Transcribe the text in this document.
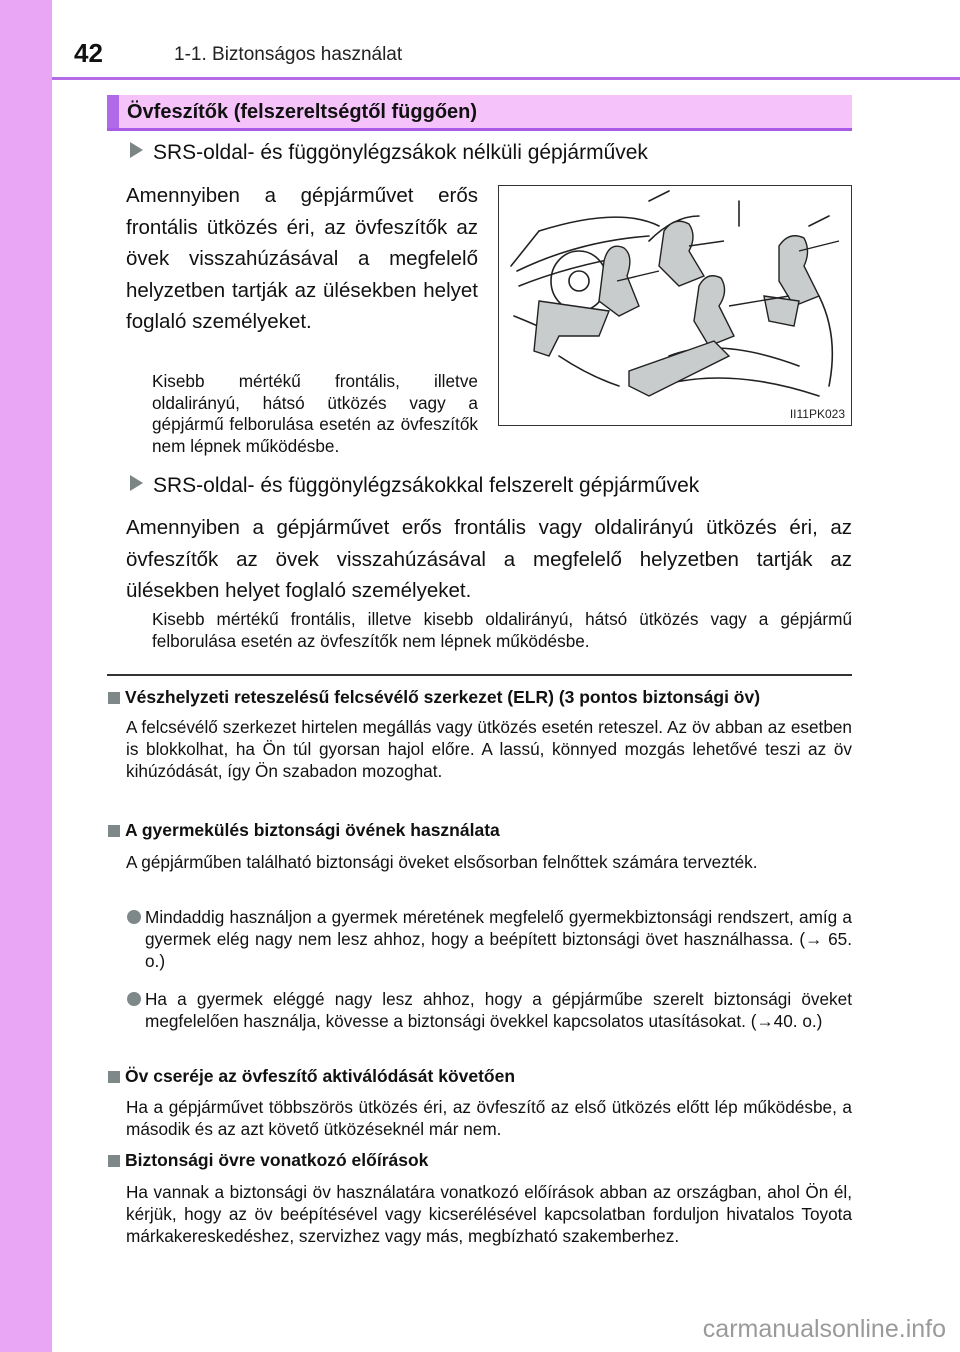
42	1-1. Biztonságos használat
Övfeszítők (felszereltségtől függően)
SRS-oldal- és függönylégzsákok nélküli gépjárművek
Amennyiben a gépjárművet erős frontális ütközés éri, az övfeszítők az övek visszahúzásával a megfelelő helyzetben tartják az ülésekben helyet foglaló személyeket.
Kisebb mértékű frontális, illetve oldalirányú, hátsó ütközés vagy a gépjármű felborulása esetén az övfeszítők nem lépnek működésbe.
II11PK023
SRS-oldal- és függönylégzsákokkal felszerelt gépjárművek
Amennyiben a gépjárművet erős frontális vagy oldalirányú ütközés éri, az övfeszítők az övek visszahúzásával a megfelelő helyzetben tartják az ülésekben helyet foglaló személyeket.
Kisebb mértékű frontális, illetve kisebb oldalirányú, hátsó ütközés vagy a gépjármű felborulása esetén az övfeszítők nem lépnek működésbe.
Vészhelyzeti reteszelésű felcsévélő szerkezet (ELR) (3 pontos biztonsági öv)
A felcsévélő szerkezet hirtelen megállás vagy ütközés esetén reteszel. Az öv abban az esetben is blokkolhat, ha Ön túl gyorsan hajol előre. A lassú, könnyed mozgás lehetővé teszi az öv kihúzódását, így Ön szabadon mozoghat.
A gyermekülés biztonsági övének használata
A gépjárműben található biztonsági öveket elsősorban felnőttek számára tervezték.
Mindaddig használjon a gyermek méretének megfelelő gyermekbiztonsági rendszert, amíg a gyermek elég nagy nem lesz ahhoz, hogy a beépített biztonsági övet használhassa. (→ 65. o.)
Ha a gyermek eléggé nagy lesz ahhoz, hogy a gépjárműbe szerelt biztonsági öveket megfelelően használja, kövesse a biztonsági övekkel kapcsolatos utasításokat. (→40. o.)
Öv cseréje az övfeszítő aktiválódását követően
Ha a gépjárművet többszörös ütközés éri, az övfeszítő az első ütközés előtt lép működésbe, a második és az azt követő ütközéseknél már nem.
Biztonsági övre vonatkozó előírások
Ha vannak a biztonsági öv használatára vonatkozó előírások abban az országban, ahol Ön él, kérjük, hogy az öv beépítésével vagy kicserélésével kapcsolatban forduljon hivatalos Toyota márkakereskedéshez, szervizhez vagy más, megbízható szakemberhez.
carmanualsonline.info
